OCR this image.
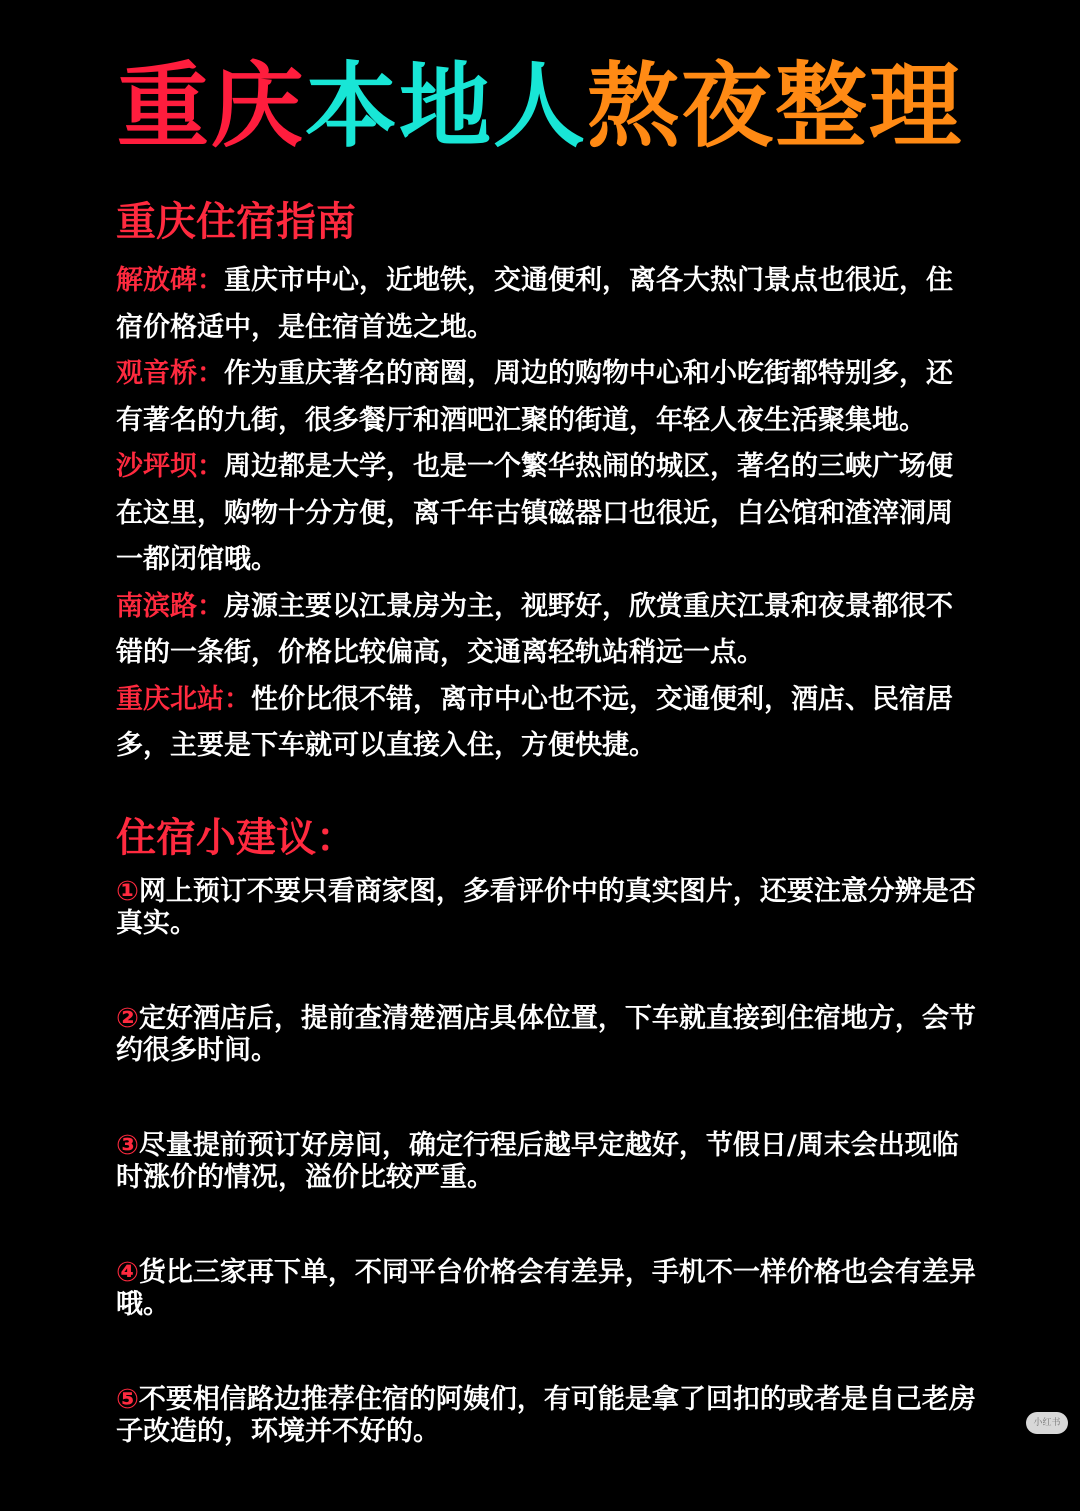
重庆本地人熬夜整理
重庆住宿指南

解放碑：重庆市中心，近地铁，交通便利，离各大热门景点也很近，住宿价格适中，是住宿首选之地。

观音桥：作为重庆著名的商圈，周边的购物中心和小吃街都特别多，还有著名的九街，很多餐厅和酒吧汇聚的街道，年轻人夜生活聚集地。

沙坪坝：周边都是大学，也是一个繁华热闹的城区，著名的三峡广场便在这里，购物十分方便，离千年古镇磁器口也很近，白公馆和渣滓洞周一都闭馆哦。

南滨路：房源主要以江景房为主，视野好，欣赏重庆江景和夜景都很不错的一条街，价格比较偏高，交通离轻轨站稍远一点。

重庆北站：性价比很不错，离市中心也不远，交通便利，酒店、民宿居多，主要是下车就可以直接入住，方便快捷。

住宿小建议：

①网上预订不要只看商家图，多看评价中的真实图片，还要注意分辨是否真实。

②定好酒店后，提前查清楚酒店具体位置，下车就直接到住宿地方，会节约很多时间。

③尽量提前预订好房间，确定行程后越早定越好，节假日/周末会出现临时涨价的情况，溢价比较严重。

④货比三家再下单，不同平台价格会有差异，手机不一样价格也会有差异哦。

⑤不要相信路边推荐住宿的阿姨们，有可能是拿了回扣的或者是自己老房子改造的，环境并不好的。	小红书
